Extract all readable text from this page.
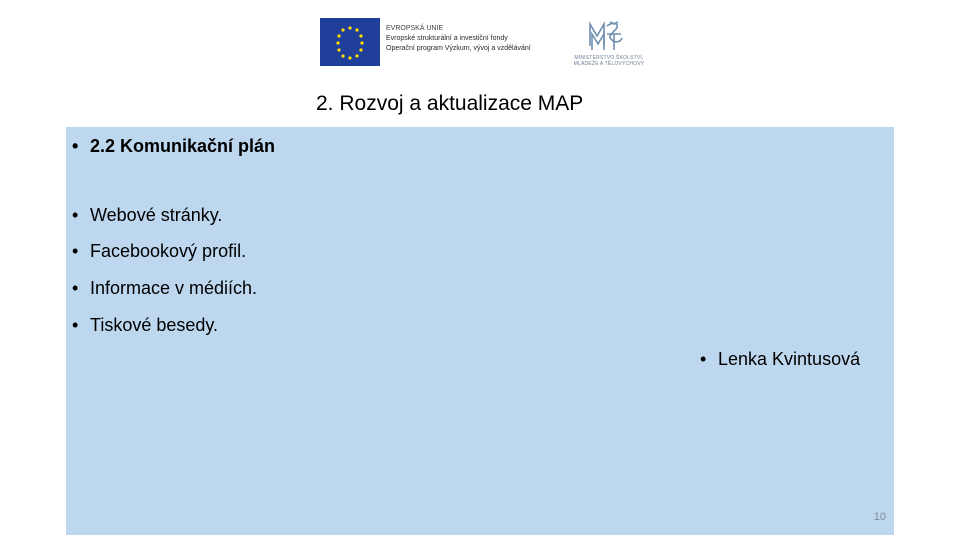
EVROPSKÁ UNIE
Evropské strukturální a investiční fondy
Operační program Výzkum, vývoj a vzdělávání
MINISTERSTVO ŠKOLSTVÍ, MLÁDEŽE A TĚLOVÝCHOVY
2. Rozvoj a aktualizace MAP
• 2.2 Komunikační plán
• Webové stránky.
• Facebookový profil.
• Informace v médiích.
• Tiskové besedy.
• Lenka Kvintusová
10
